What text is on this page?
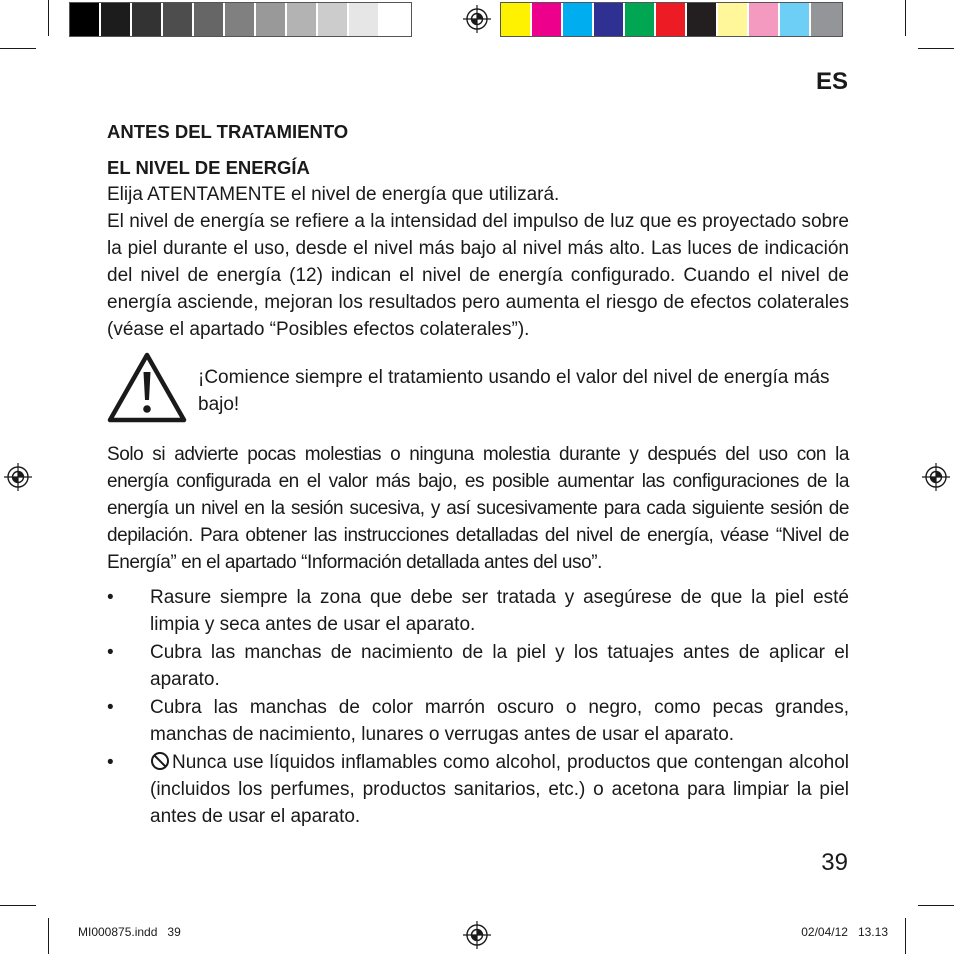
ES

ANTES DEL TRATAMIENTO

EL NIVEL DE ENERGÍA

Elija ATENTAMENTE el nivel de energía que utilizará.

El nivel de energía se refiere a la intensidad del impulso de luz que es proyectado sobre la piel durante el uso, desde el nivel más bajo al nivel más alto. Las luces de indicación del nivel de energía (12) indican el nivel de energía configurado. Cuando el nivel de energía asciende, mejoran los resultados pero aumenta el riesgo de efectos colaterales (véase el apartado “Posibles efectos colaterales”).

¡Comience siempre el tratamiento usando el valor del nivel de energía más bajo!

Solo si advierte pocas molestias o ninguna molestia durante y después del uso con la energía configurada en el valor más bajo, es posible aumentar las configuraciones de la energía un nivel en la sesión sucesiva, y así sucesivamente para cada siguiente sesión de depilación. Para obtener las instrucciones detalladas del nivel de energía, véase “Nivel de Energía” en el apartado “Información detallada antes del uso”.

• Rasure siempre la zona que debe ser tratada y asegúrese de que la piel esté limpia y seca antes de usar el aparato.
• Cubra las manchas de nacimiento de la piel y los tatuajes antes de aplicar el aparato.
• Cubra las manchas de color marrón oscuro o negro, como pecas grandes, manchas de nacimiento, lunares o verrugas antes de usar el aparato.
•	Nunca use líquidos inflamables como alcohol, productos que contengan alcohol (incluidos los perfumes, productos sanitarios, etc.) o acetona para limpiar la piel antes de usar el aparato.
39
MI000875.indd   39	02/04/12   13.13
